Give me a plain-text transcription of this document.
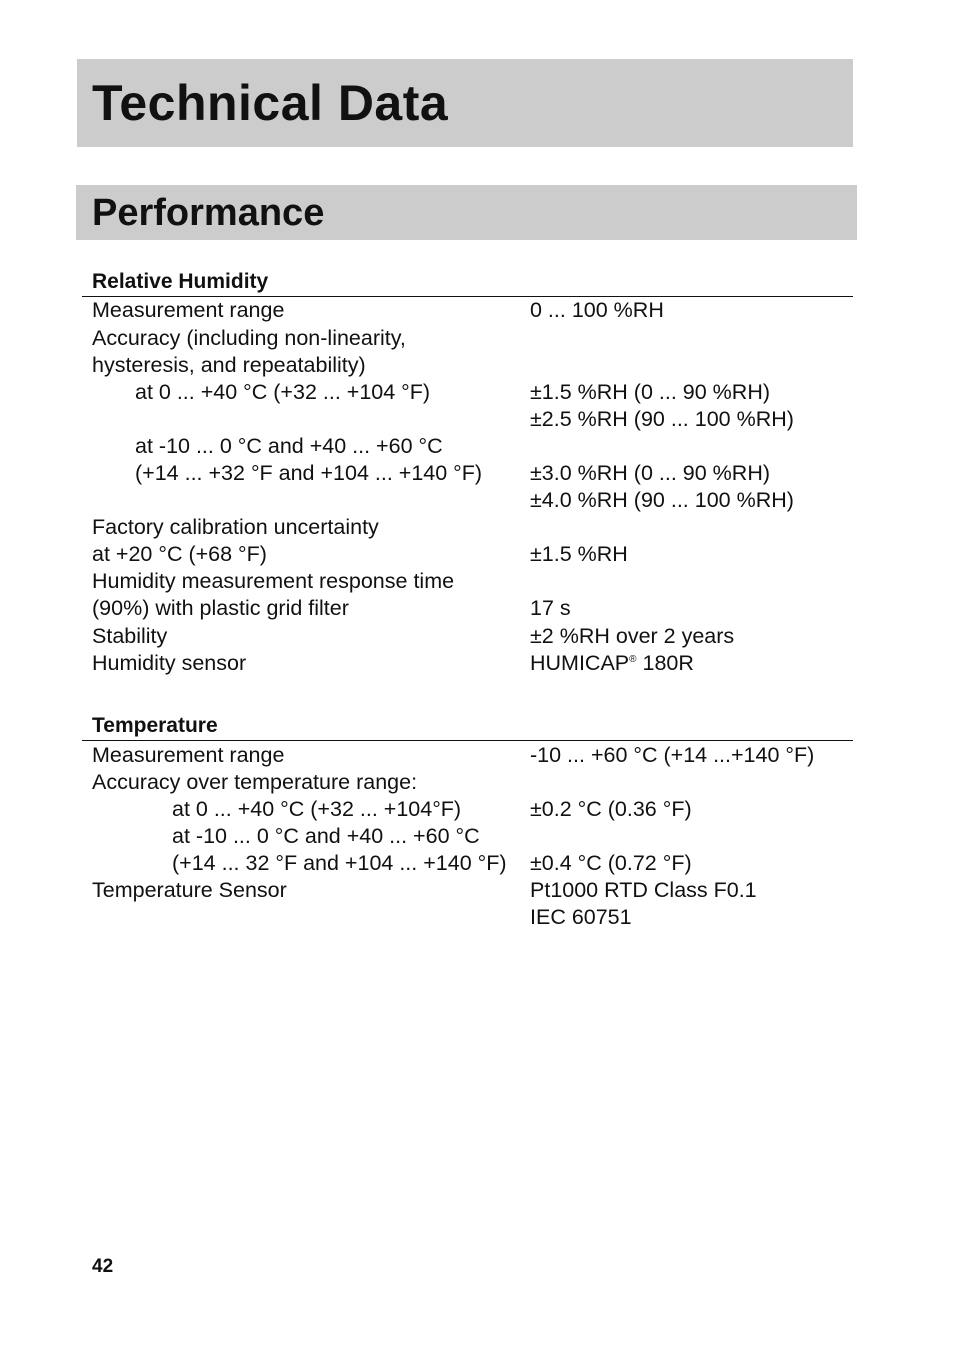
Technical Data
Performance
Relative Humidity
Measurement range	0 ... 100 %RH
Accuracy (including non-linearity,
hysteresis, and repeatability)
at 0 ... +40 °C (+32 ... +104 °F)	±1.5 %RH (0 ... 90 %RH)
±2.5 %RH (90 ... 100 %RH)
at -10 ... 0 °C and +40 ... +60 °C
(+14 ... +32 °F and +104 ... +140 °F) ±3.0 %RH (0 ... 90 %RH)
±4.0 %RH (90 ... 100 %RH)
Factory calibration uncertainty
at +20 °C (+68 °F)	±1.5 %RH
Humidity measurement response time
(90%) with plastic grid filter	17 s
Stability	±2 %RH over 2 years
Humidity sensor	HUMICAP® 180R
Temperature
Measurement range	-10 ... +60 °C (+14 ...+140 °F)
Accuracy over temperature range:
at 0 ... +40 °C (+32 ... +104°F)	±0.2 °C (0.36 °F)
at -10 ... 0 °C and +40 ... +60 °C
(+14 ... 32 °F and +104 ... +140 °F) ±0.4 °C (0.72 °F)
Temperature Sensor	Pt1000 RTD Class F0.1
IEC 60751
42
